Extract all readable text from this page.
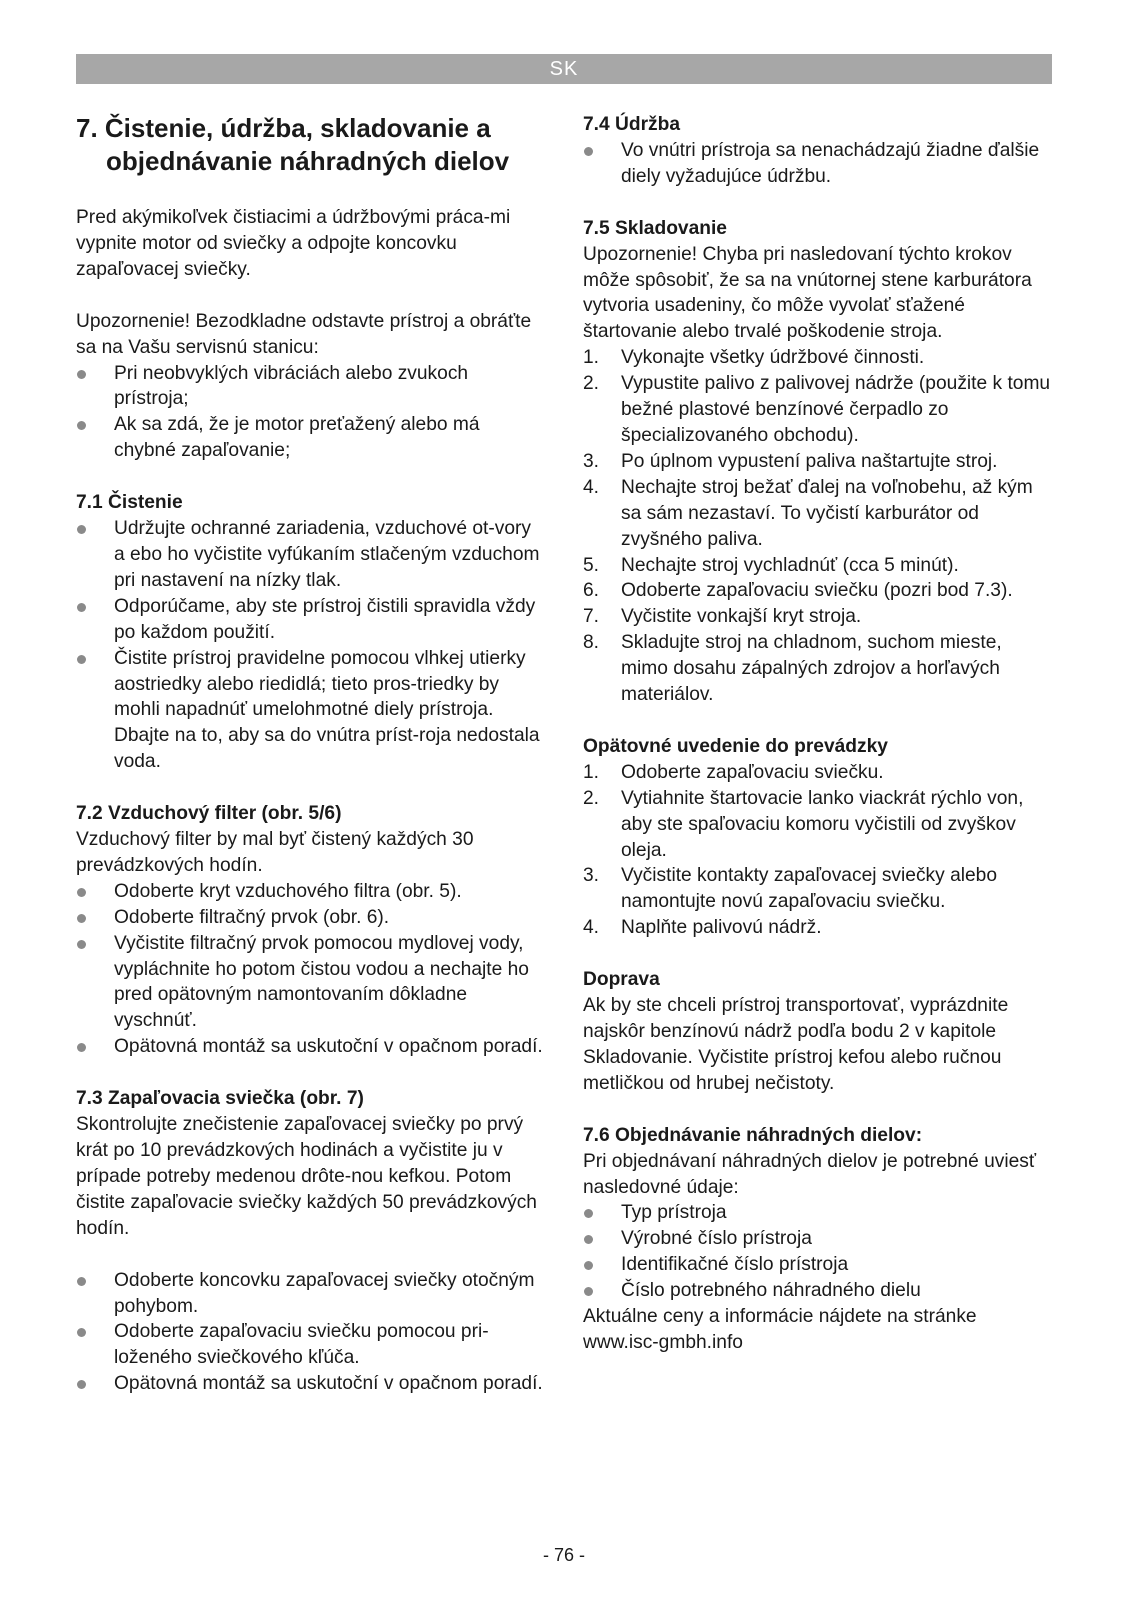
SK
7. Čistenie, údržba, skladovanie a objednávanie náhradných dielov

Pred akýmikoľvek čistiacimi a údržbovými práca-mi vypnite motor od sviečky a odpojte koncovku zapaľovacej sviečky.

Upozornenie! Bezodkladne odstavte prístroj a obráťte sa na Vašu servisnú stanicu:

Pri neobvyklých vibráciách alebo zvukoch prístroja;
Ak sa zdá, že je motor preťažený alebo má chybné zapaľovanie;

7.1 Čistenie

Udržujte ochranné zariadenia, vzduchové ot-vory a ebo ho vyčistite vyfúkaním stlačeným vzduchom pri nastavení na nízky tlak.
Odporúčame, aby ste prístroj čistili spravidla vždy po každom použití.
Čistite prístroj pravidelne pomocou vlhkej utierky aostriedky alebo riedidlá; tieto pros-triedky by mohli napadnúť umelohmotné diely prístroja. Dbajte na to, aby sa do vnútra príst-roja nedostala voda.

7.2 Vzduchový filter (obr. 5/6)

Vzduchový filter by mal byť čistený každých 30 prevádzkových hodín.

Odoberte kryt vzduchového filtra (obr. 5).
Odoberte filtračný prvok (obr. 6).
Vyčistite filtračný prvok pomocou mydlovej vody, vypláchnite ho potom čistou vodou a nechajte ho pred opätovným namontovaním dôkladne vyschnúť.
Opätovná montáž sa uskutoční v opačnom poradí.

7.3 Zapaľovacia sviečka (obr. 7)

Skontrolujte znečistenie zapaľovacej sviečky po prvý krát po 10 prevádzkových hodinách a vyčistite ju v prípade potreby medenou drôte-nou kefkou. Potom čistite zapaľovacie sviečky každých 50 prevádzkových hodín.

Odoberte koncovku zapaľovacej sviečky otočným pohybom.
Odoberte zapaľovaciu sviečku pomocou pri-loženého sviečkového kľúča.
Opätovná montáž sa uskutoční v opačnom poradí.

7.4 Údržba

Vo vnútri prístroja sa nenachádzajú žiadne ďalšie diely vyžadujúce údržbu.

7.5 Skladovanie

Upozornenie! Chyba pri nasledovaní týchto krokov môže spôsobiť, že sa na vnútornej stene karburátora vytvoria usadeniny, čo môže vyvolať sťažené štartovanie alebo trvalé poškodenie stroja.

1. Vykonajte všetky údržbové činnosti.
2. Vypustite palivo z palivovej nádrže (použite k tomu bežné plastové benzínové čerpadlo zo špecializovaného obchodu).
3. Po úplnom vypustení paliva naštartujte stroj.
4. Nechajte stroj bežať ďalej na voľnobehu, až kým sa sám nezastaví. To vyčistí karburátor od zvyšného paliva.
5. Nechajte stroj vychladnúť (cca 5 minút).
6. Odoberte zapaľovaciu sviečku (pozri bod 7.3).
7. Vyčistite vonkajší kryt stroja.
8. Skladujte stroj na chladnom, suchom mieste, mimo dosahu zápalných zdrojov a horľavých materiálov.

Opätovné uvedenie do prevádzky

1. Odoberte zapaľovaciu sviečku.
2. Vytiahnite štartovacie lanko viackrát rýchlo von, aby ste spaľovaciu komoru vyčistili od zvyškov oleja.
3. Vyčistite kontakty zapaľovacej sviečky alebo namontujte novú zapaľovaciu sviečku.
4. Naplňte palivovú nádrž.

Doprava

Ak by ste chceli prístroj transportovať, vyprázdnite najskôr benzínovú nádrž podľa bodu 2 v kapitole Skladovanie. Vyčistite prístroj kefou alebo ručnou metličkou od hrubej nečistoty.

7.6 Objednávanie náhradných dielov:

Pri objednávaní náhradných dielov je potrebné uviesť nasledovné údaje:

Typ prístroja
Výrobné číslo prístroja
Identifikačné číslo prístroja
Číslo potrebného náhradného dielu

Aktuálne ceny a informácie nájdete na stránke www.isc-gmbh.info

- 76 -
